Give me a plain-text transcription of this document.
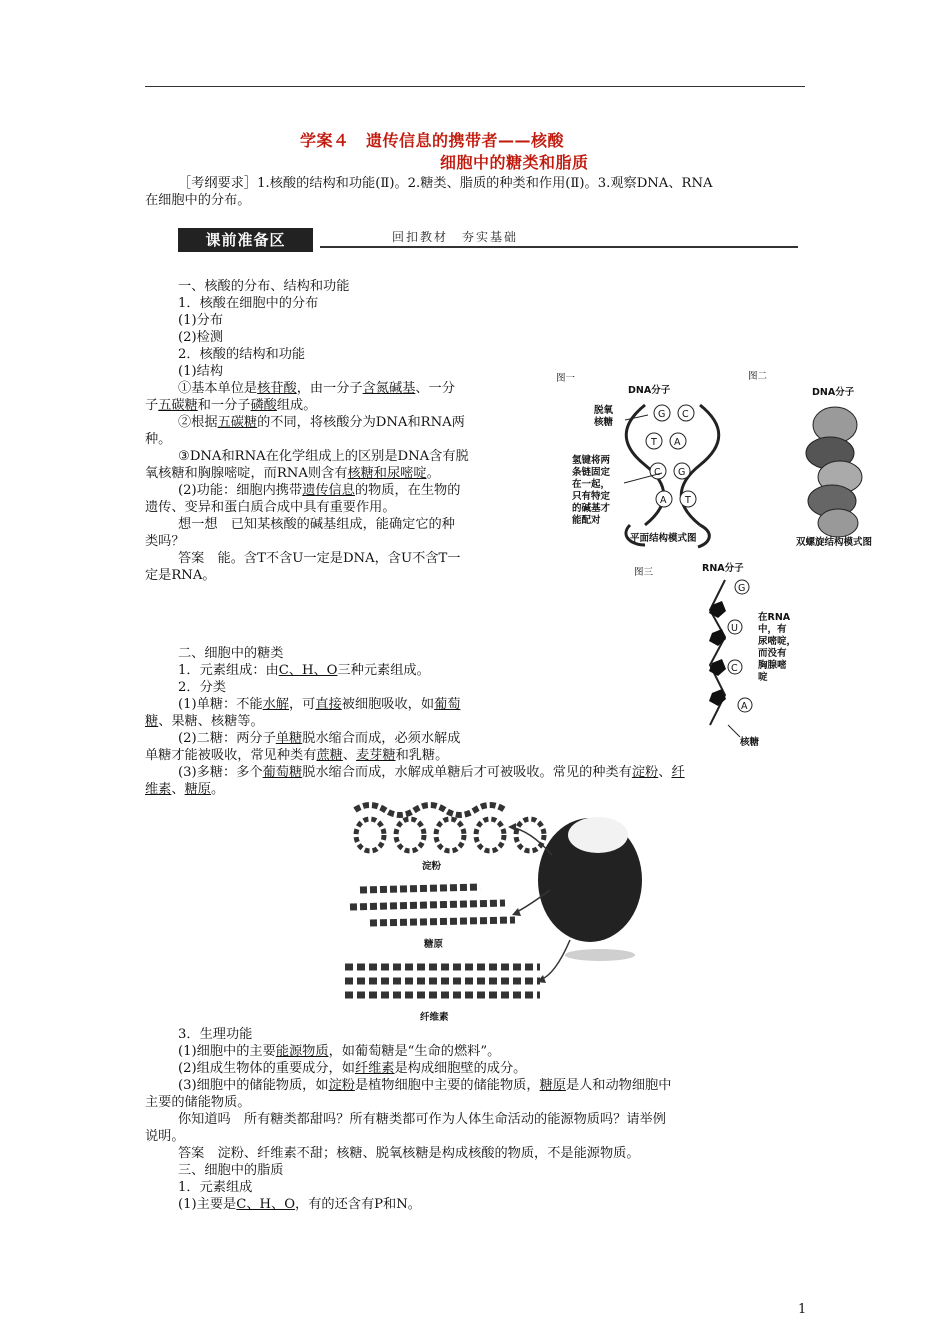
学案４　遗传信息的携带者——核酸
细胞中的糖类和脂质
［考纲要求］1.核酸的结构和功能(Ⅱ)。2.糖类、脂质的种类和作用(Ⅱ)。3.观察DNA、RNA
在细胞中的分布。
课前准备区	回扣教材　夯实基础
一、核酸的分布、结构和功能
1．核酸在细胞中的分布
(1)分布
(2)检测
2．核酸的结构和功能
(1)结构
①基本单位是核苷酸，由一分子含氮碱基、一分
子五碳糖和一分子磷酸组成。
②根据五碳糖的不同，将核酸分为DNA和RNA两
种。
③DNA和RNA在化学组成上的区别是DNA含有脱
氧核糖和胸腺嘧啶，而RNA则含有核糖和尿嘧啶。
(2)功能：细胞内携带遗传信息的物质，在生物的
遗传、变异和蛋白质合成中具有重要作用。
想一想　已知某核酸的碱基组成，能确定它的种
类吗？
答案　能。含T不含U一定是DNA，含U不含T一
定是RNA。
图一	图二
DNA分子	DNA分子
脱氧
核糖
G C
T A
C G
A T
氢键将两
条链固定
在一起，
只有特定
的碱基才
能配对
平面结构模式图	双螺旋结构模式图
图三	RNA分子
G
U
C
A
在RNA
中，有
尿嘧啶，
而没有
胸腺嘧
啶
核糖
二、细胞中的糖类
1．元素组成：由C、H、O三种元素组成。
2．分类
(1)单糖：不能水解，可直接被细胞吸收，如葡萄
糖、果糖、核糖等。
(2)二糖：两分子单糖脱水缩合而成，必须水解成
单糖才能被吸收，常见种类有蔗糖、麦芽糖和乳糖。
(3)多糖：多个葡萄糖脱水缩合而成，水解成单糖后才可被吸收。常见的种类有淀粉、纤
维素、糖原。
淀粉
糖原
纤维素
3．生理功能
(1)细胞中的主要能源物质，如葡萄糖是“生命的燃料”。
(2)组成生物体的重要成分，如纤维素是构成细胞壁的成分。
(3)细胞中的储能物质，如淀粉是植物细胞中主要的储能物质，糖原是人和动物细胞中
主要的储能物质。
你知道吗　所有糖类都甜吗？所有糖类都可作为人体生命活动的能源物质吗？请举例
说明。
答案　淀粉、纤维素不甜；核糖、脱氧核糖是构成核酸的物质，不是能源物质。
三、细胞中的脂质
1．元素组成
(1)主要是C、H、O，有的还含有P和N。
1
